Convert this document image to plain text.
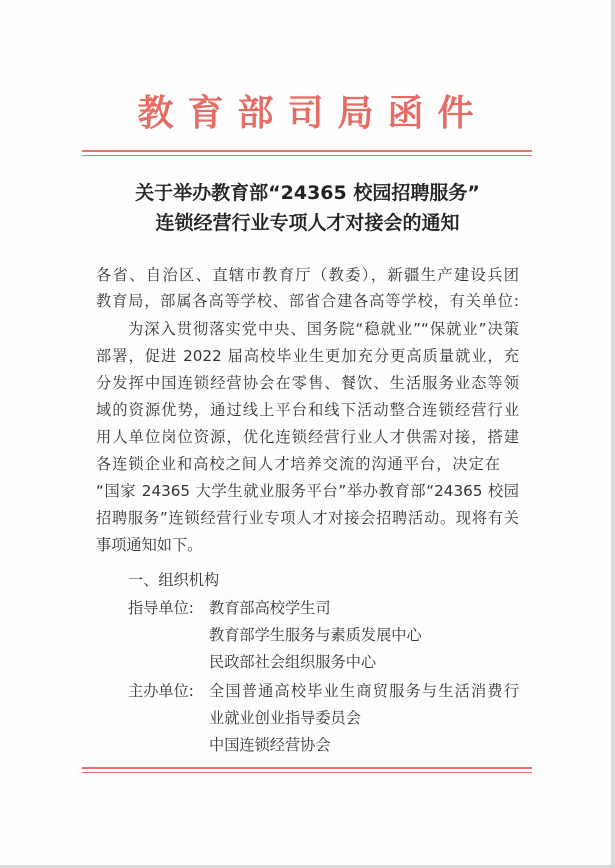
教育部司局函件
关于举办教育部“24365 校园招聘服务”
连锁经营行业专项人才对接会的通知
各省、自治区、直辖市教育厅（教委），新疆生产建设兵团
教育局，部属各高等学校、部省合建各高等学校，有关单位:
为深入贯彻落实党中央、国务院“稳就业”“保就业”决策
部署，促进 2022 届高校毕业生更加充分更高质量就业，充
分发挥中国连锁经营协会在零售、餐饮、生活服务业态等领
域的资源优势，通过线上平台和线下活动整合连锁经营行业
用人单位岗位资源，优化连锁经营行业人才供需对接，搭建
各连锁企业和高校之间人才培养交流的沟通平台，决定在
“国家 24365 大学生就业服务平台”举办教育部“24365 校园
招聘服务”连锁经营行业专项人才对接会招聘活动。现将有关
事项通知如下。
一、组织机构
指导单位: 教育部高校学生司
教育部学生服务与素质发展中心
民政部社会组织服务中心
主办单位: 全国普通高校毕业生商贸服务与生活消费行
业就业创业指导委员会
中国连锁经营协会
